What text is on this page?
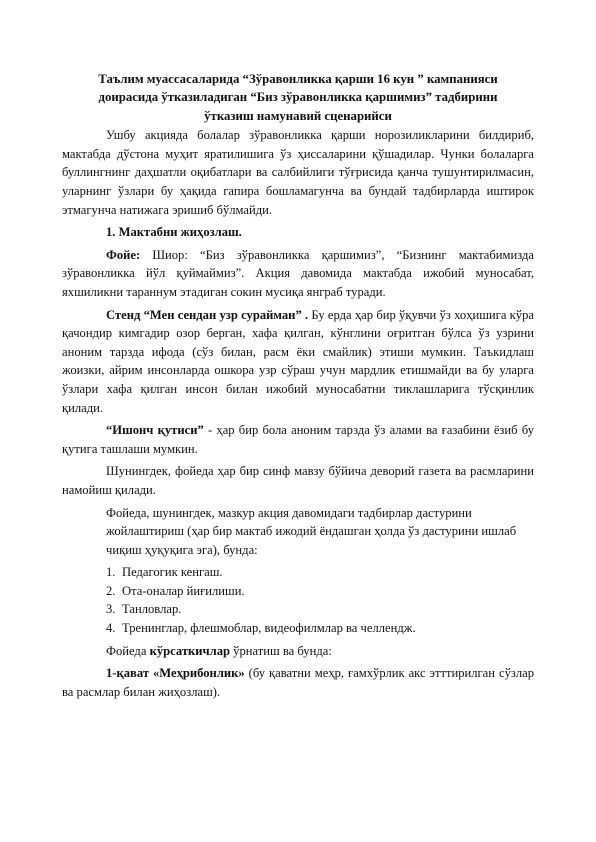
Таълим муассасаларида “Зўравонликка қарши 16 кун ” кампанияси
доирасида ўтказиладиган “Биз зўравонликка қаршимиз” тадбирини
ўтказиш намунавий сценарийси

Ушбу акцияда болалар зўравонликка қарши норозиликларини билдириб, мактабда дўстона муҳит яратилишига ўз ҳиссаларини қўшадилар. Чунки болаларга буллингнинг даҳшатли оқибатлари ва салбийлиги тўғрисида қанча тушунтирилмасин, уларнинг ўзлари бу ҳақида гапира бошламагунча ва бундай тадбирларда иштирок этмагунча натижага эришиб бўлмайди.

1. Мактабни жиҳозлаш.

Фойе: Шиор: “Биз зўравонликка қаршимиз”, “Бизнинг мактабимизда зўравонликка йўл қуймаймиз”. Акция давомида мактабда ижобий муносабат, яхшиликни тараннум этадиган сокин мусиқа янграб туради.

Стенд “Мен сендан узр сурайман” . Бу ерда ҳар бир ўқувчи ўз хоҳишига кўра қачондир кимгадир озор берган, хафа қилган, кўнглини оғритган бўлса ўз узрини аноним тарзда ифода (сўз билан, расм ёки смайлик) этиши мумкин. Таъкидлаш жоизки, айрим инсонларда ошкора узр сўраш учун мардлик етишмайди ва бу уларга ўзлари хафа қилган инсон билан ижобий муносабатни тиклашларига тўсқинлик қилади.

“Ишонч қутиси” - ҳар бир бола аноним тарзда ўз алами ва ғазабини ёзиб бу қутига ташлаши мумкин.

Шунингдек, фойеда ҳар бир синф мавзу бўйича деворий газета ва расмларини намойиш қилади.

Фойеда, шунингдек, мазкур акция давомидаги тадбирлар дастурини жойлаштириш (ҳар бир мактаб ижодий ёндашган ҳолда ўз дастурини ишлаб чиқиш ҳуқуқига эга), бунда:

1. Педагогик кенгаш.
2. Ота-оналар йиғилиши.
3. Танловлар.
4. Тренинглар, флешмоблар, видеофилмлар ва челлендж.

Фойеда кўрсаткичлар ўрнатиш ва бунда:

1-қават «Меҳрибонлик» (бу қаватни меҳр, ғамхўрлик акс этттирилган сўзлар ва расмлар билан жиҳозлаш).
